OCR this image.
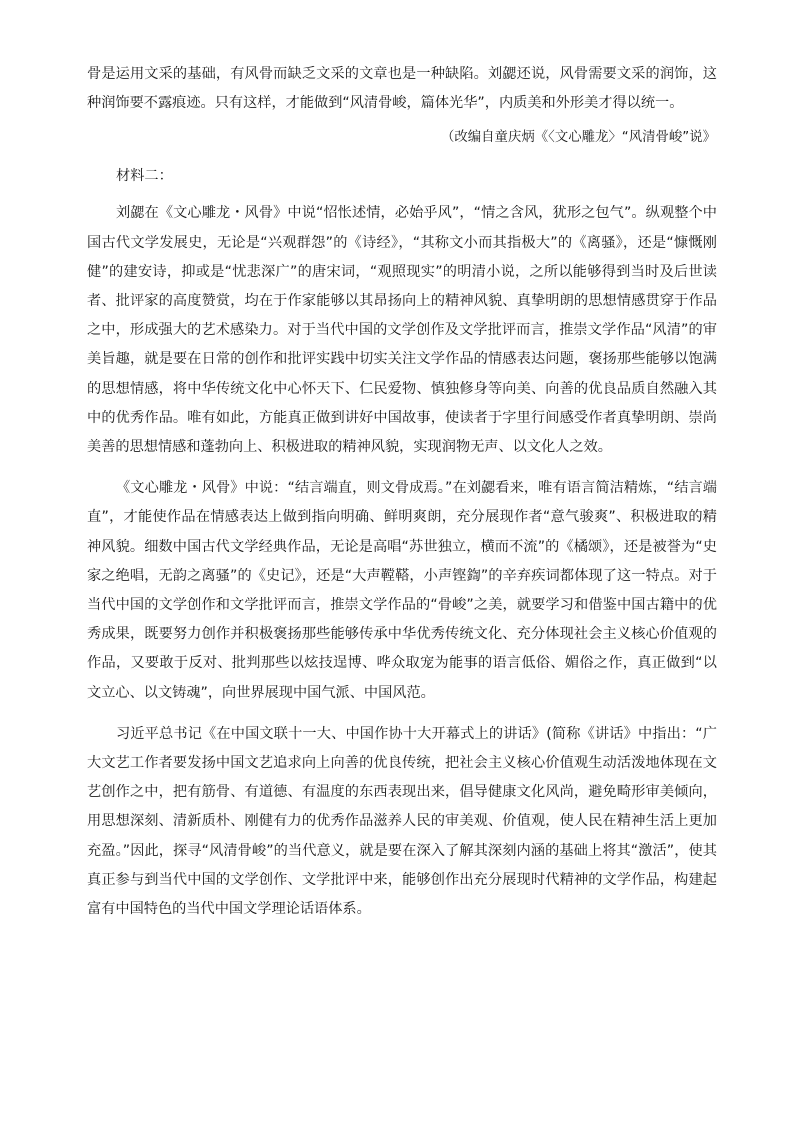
骨是运用文采的基础，有风骨而缺乏文采的文章也是一种缺陷。刘勰还说，风骨需要文采的润饰，这种润饰要不露痕迹。只有这样，才能做到“风清骨峻，篇体光华”，内质美和外形美才得以统一。

（改编自童庆炳《〈文心雕龙〉“风清骨峻”说》

材料二：

刘勰在《文心雕龙・风骨》中说“怊怅述情，必始乎风”，“情之含风，犹形之包气”。纵观整个中国古代文学发展史，无论是“兴观群怨”的《诗经》，“其称文小而其指极大”的《离骚》，还是“慷慨刚健”的建安诗，抑或是“忧悲深广”的唐宋词，“观照现实”的明清小说，之所以能够得到当时及后世读者、批评家的高度赞赏，均在于作家能够以其昂扬向上的精神风貌、真挚明朗的思想情感贯穿于作品之中，形成强大的艺术感染力。对于当代中国的文学创作及文学批评而言，推崇文学作品“风清”的审美旨趣，就是要在日常的创作和批评实践中切实关注文学作品的情感表达问题，褒扬那些能够以饱满的思想情感，将中华传统文化中心怀天下、仁民爱物、慎独修身等向美、向善的优良品质自然融入其中的优秀作品。唯有如此，方能真正做到讲好中国故事，使读者于字里行间感受作者真挚明朗、崇尚美善的思想情感和蓬勃向上、积极进取的精神风貌，实现润物无声、以文化人之效。

《文心雕龙・风骨》中说：“结言端直，则文骨成焉。”在刘勰看来，唯有语言简洁精炼，“结言端直”，才能使作品在情感表达上做到指向明确、鲜明爽朗，充分展现作者“意气骏爽”、积极进取的精神风貌。细数中国古代文学经典作品，无论是高唱“苏世独立，横而不流”的《橘颂》，还是被誉为“史家之绝唱，无韵之离骚”的《史记》，还是“大声鞺鞳，小声铿鍧”的辛弃疾词都体现了这一特点。对于当代中国的文学创作和文学批评而言，推崇文学作品的“骨峻”之美，就要学习和借鉴中国古籍中的优秀成果，既要努力创作并积极褒扬那些能够传承中华优秀传统文化、充分体现社会主义核心价值观的作品，又要敢于反对、批判那些以炫技逞博、哗众取宠为能事的语言低俗、媚俗之作，真正做到“以文立心、以文铸魂”，向世界展现中国气派、中国风范。

习近平总书记《在中国文联十一大、中国作协十大开幕式上的讲话》(简称《讲话》中指出：“广大文艺工作者要发扬中国文艺追求向上向善的优良传统，把社会主义核心价值观生动活泼地体现在文艺创作之中，把有筋骨、有道德、有温度的东西表现出来，倡导健康文化风尚，避免畸形审美倾向，用思想深刻、清新质朴、刚健有力的优秀作品滋养人民的审美观、价值观，使人民在精神生活上更加充盈。”因此，探寻“风清骨峻”的当代意义，就是要在深入了解其深刻内涵的基础上将其“激活”，使其真正参与到当代中国的文学创作、文学批评中来，能够创作出充分展现时代精神的文学作品，构建起富有中国特色的当代中国文学理论话语体系。
